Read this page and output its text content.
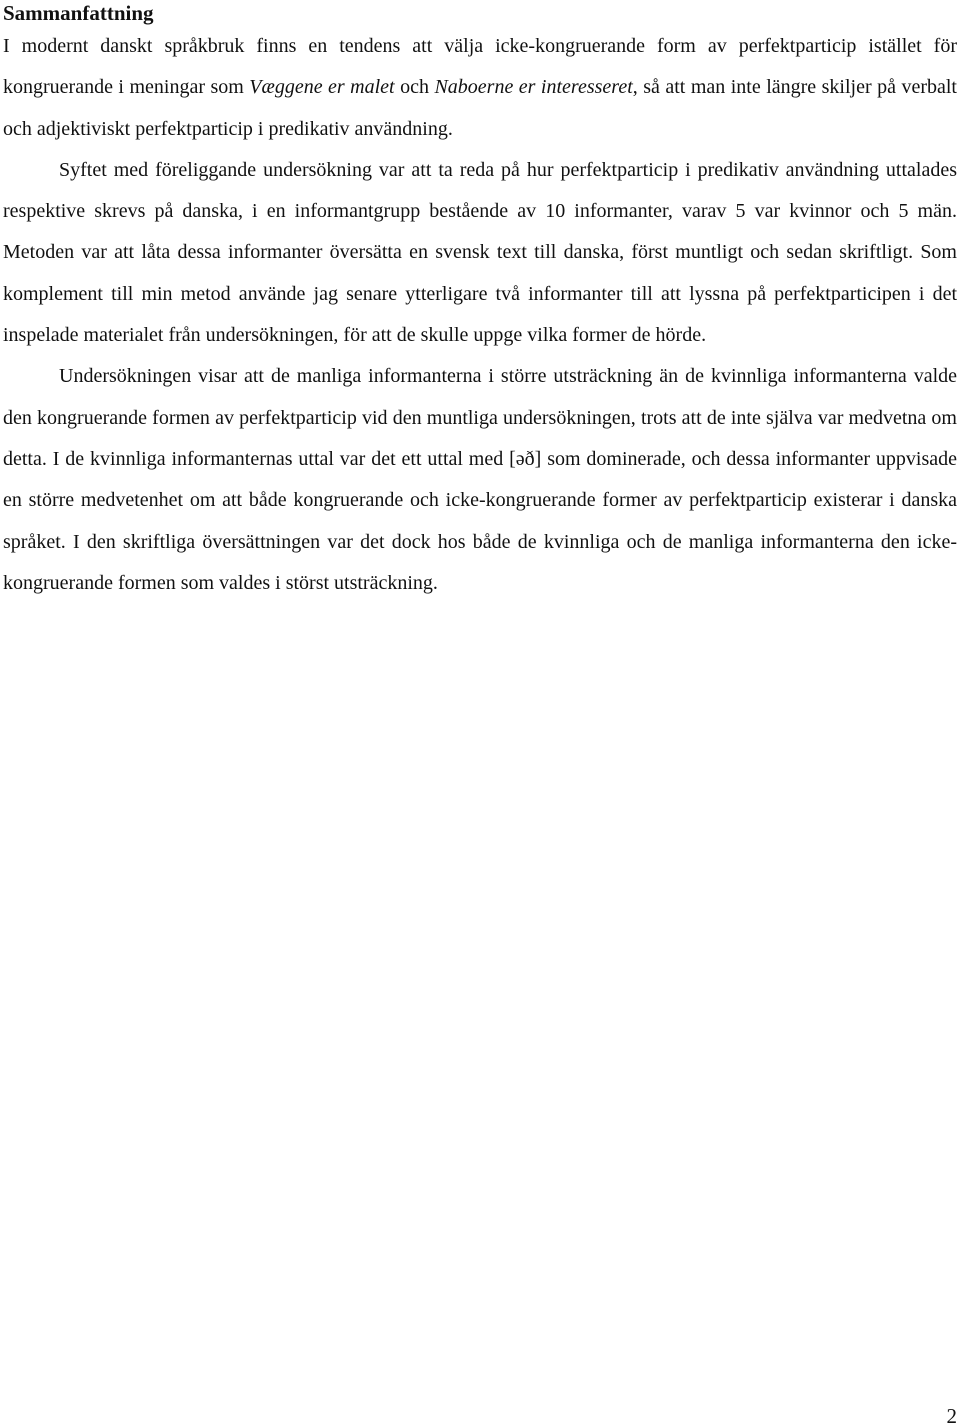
Sammanfattning
I modernt danskt språkbruk finns en tendens att välja icke-kongruerande form av perfektparticip istället för kongruerande i meningar som Væggene er malet och Naboerne er interesseret, så att man inte längre skiljer på verbalt och adjektiviskt perfektparticip i predikativ användning.
Syftet med föreliggande undersökning var att ta reda på hur perfektparticip i predikativ användning uttalades respektive skrevs på danska, i en informantgrupp bestående av 10 informanter, varav 5 var kvinnor och 5 män. Metoden var att låta dessa informanter översätta en svensk text till danska, först muntligt och sedan skriftligt. Som komplement till min metod använde jag senare ytterligare två informanter till att lyssna på perfektparticipen i det inspelade materialet från undersökningen, för att de skulle uppge vilka former de hörde.
Undersökningen visar att de manliga informanterna i större utsträckning än de kvinnliga informanterna valde den kongruerande formen av perfektparticip vid den muntliga undersökningen, trots att de inte själva var medvetna om detta. I de kvinnliga informanternas uttal var det ett uttal med [əð] som dominerade, och dessa informanter uppvisade en större medvetenhet om att både kongruerande och icke-kongruerande former av perfektparticip existerar i danska språket. I den skriftliga översättningen var det dock hos både de kvinnliga och de manliga informanterna den icke-kongruerande formen som valdes i störst utsträckning.
2
